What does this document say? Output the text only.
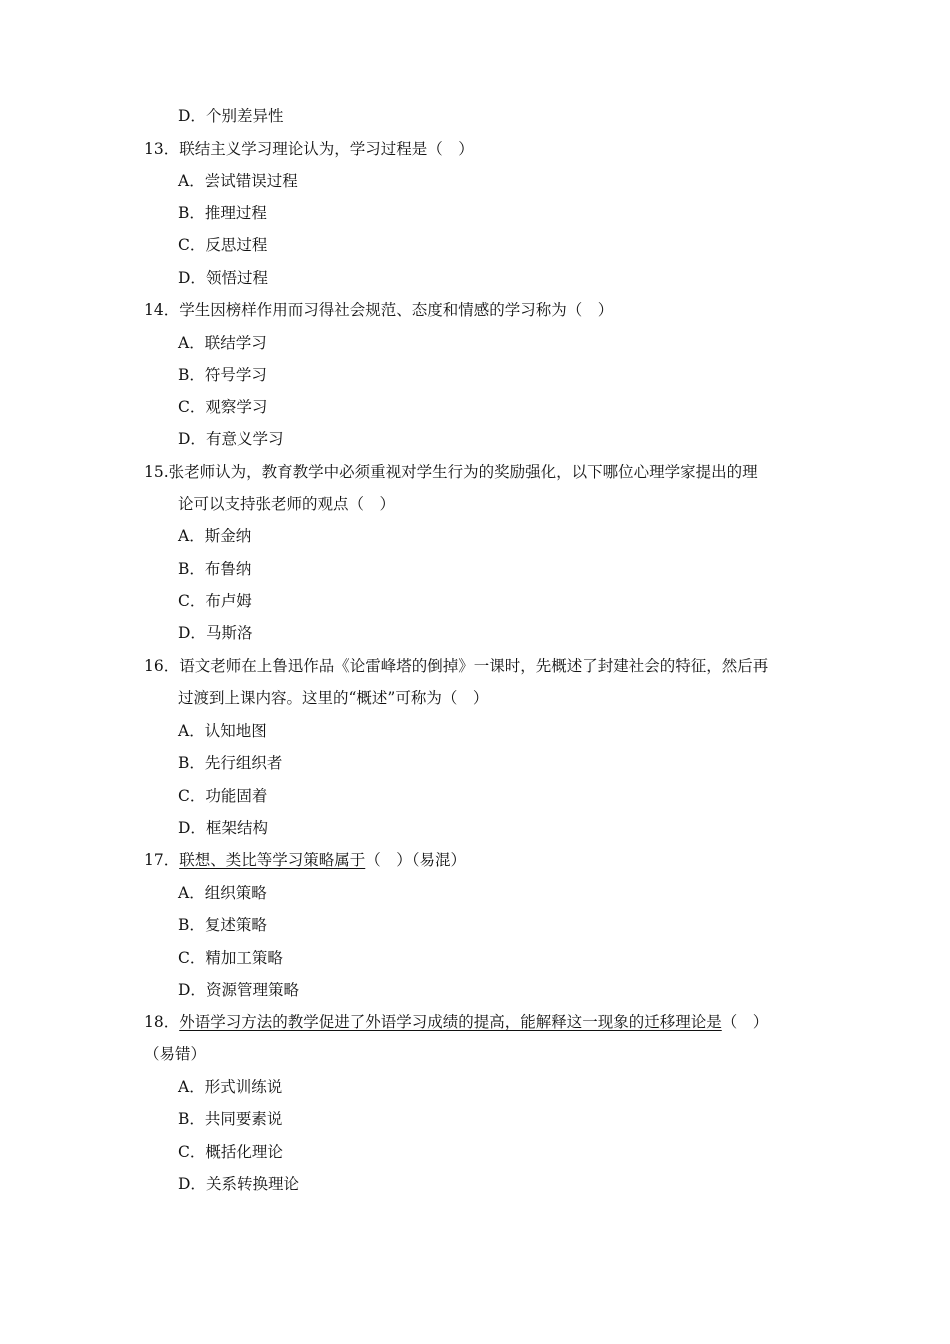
D．个别差异性
13．联结主义学习理论认为，学习过程是（　）
A．尝试错误过程
B．推理过程
C．反思过程
D．领悟过程
14．学生因榜样作用而习得社会规范、态度和情感的学习称为（　）
A．联结学习
B．符号学习
C．观察学习
D．有意义学习
15.张老师认为，教育教学中必须重视对学生行为的奖励强化，以下哪位心理学家提出的理
论可以支持张老师的观点（　）
A．斯金纳
B．布鲁纳
C．布卢姆
D．马斯洛
16．语文老师在上鲁迅作品《论雷峰塔的倒掉》一课时，先概述了封建社会的特征，然后再
过渡到上课内容。这里的“概述”可称为（　）
A．认知地图
B．先行组织者
C．功能固着
D．框架结构
17．联想、类比等学习策略属于（　）（易混）
A．组织策略
B．复述策略
C．精加工策略
D．资源管理策略
18．外语学习方法的教学促进了外语学习成绩的提高，能解释这一现象的迁移理论是（　）
（易错）
A．形式训练说
B．共同要素说
C．概括化理论
D．关系转换理论
